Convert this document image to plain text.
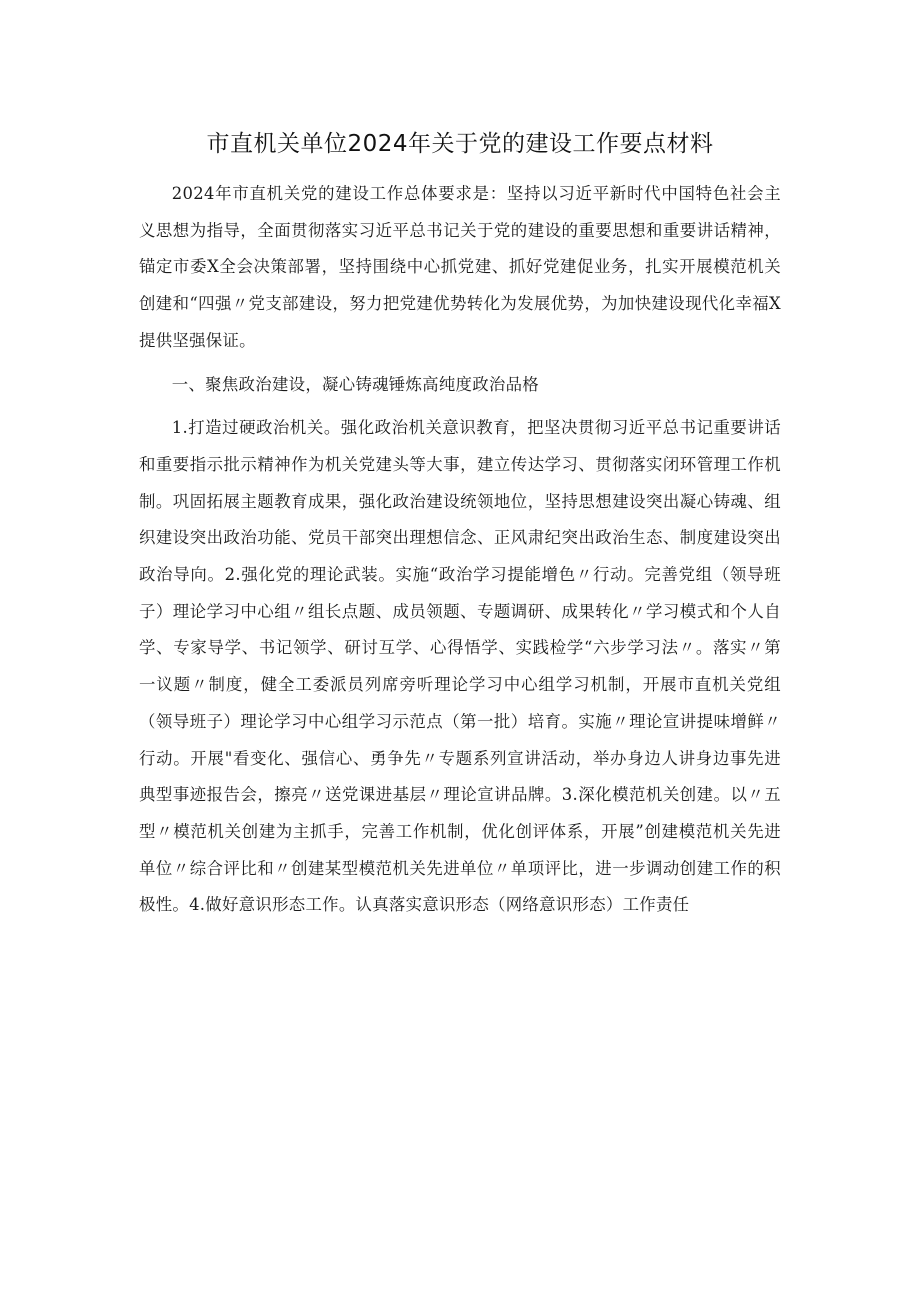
市直机关单位2024年关于党的建设工作要点材料

2024年市直机关党的建设工作总体要求是：坚持以习近平新时代中国特色社会主义思想为指导，全面贯彻落实习近平总书记关于党的建设的重要思想和重要讲话精神，锚定市委X全会决策部署，坚持围绕中心抓党建、抓好党建促业务，扎实开展模范机关创建和“四强〃党支部建设，努力把党建优势转化为发展优势，为加快建设现代化幸福X提供坚强保证。

一、聚焦政治建设，凝心铸魂锤炼高纯度政治品格

1.打造过硬政治机关。强化政治机关意识教育，把坚决贯彻习近平总书记重要讲话和重要指示批示精神作为机关党建头等大事，建立传达学习、贯彻落实闭环管理工作机制。巩固拓展主题教育成果，强化政治建设统领地位，坚持思想建设突出凝心铸魂、组织建设突出政治功能、党员干部突出理想信念、正风肃纪突出政治生态、制度建设突出政治导向。2.强化党的理论武装。实施“政治学习提能增色〃行动。完善党组（领导班子）理论学习中心组〃组长点题、成员领题、专题调研、成果转化〃学习模式和个人自学、专家导学、书记领学、研讨互学、心得悟学、实践检学“六步学习法〃。落实〃第一议题〃制度，健全工委派员列席旁听理论学习中心组学习机制，开展市直机关党组（领导班子）理论学习中心组学习示范点（第一批）培育。实施〃理论宣讲提味增鲜〃行动。开展"看变化、强信心、勇争先〃专题系列宣讲活动，举办身边人讲身边事先进典型事迹报告会，擦亮〃送党课进基层〃理论宣讲品牌。3.深化模范机关创建。以〃五型〃模范机关创建为主抓手，完善工作机制，优化创评体系，开展”创建模范机关先进单位〃综合评比和〃创建某型模范机关先进单位〃单项评比，进一步调动创建工作的积极性。4.做好意识形态工作。认真落实意识形态（网络意识形态）工作责任
